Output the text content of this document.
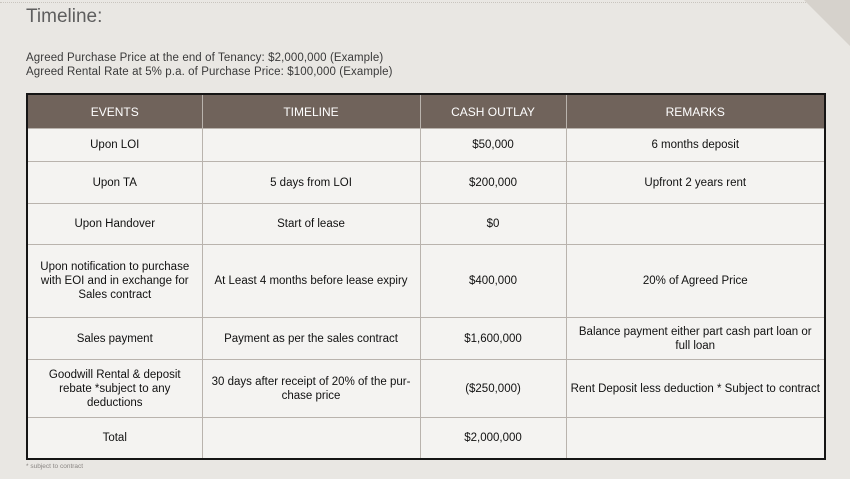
Timeline:
Agreed Purchase Price at the end of Tenancy: $2,000,000 (Example)
Agreed Rental Rate at 5% p.a. of Purchase Price: $100,000 (Example)
EVENTS	TIMELINE	CASH OUTLAY	REMARKS
Upon LOI		$50,000	6 months deposit
Upon TA	5 days from LOI	$200,000	Upfront 2 years rent
Upon Handover	Start of lease	$0	
Upon notification to purchase with EOI and in exchange for Sales contract	At Least 4 months before lease expiry	$400,000	20% of Agreed Price
Sales payment	Payment as per the sales contract	$1,600,000	Balance payment either part cash part loan or full loan
Goodwill Rental & deposit rebate *subject to any deductions	30 days after receipt of 20% of the pur-chase price	($250,000)	Rent Deposit less deduction * Subject to contract
Total		$2,000,000	
* subject to contract
